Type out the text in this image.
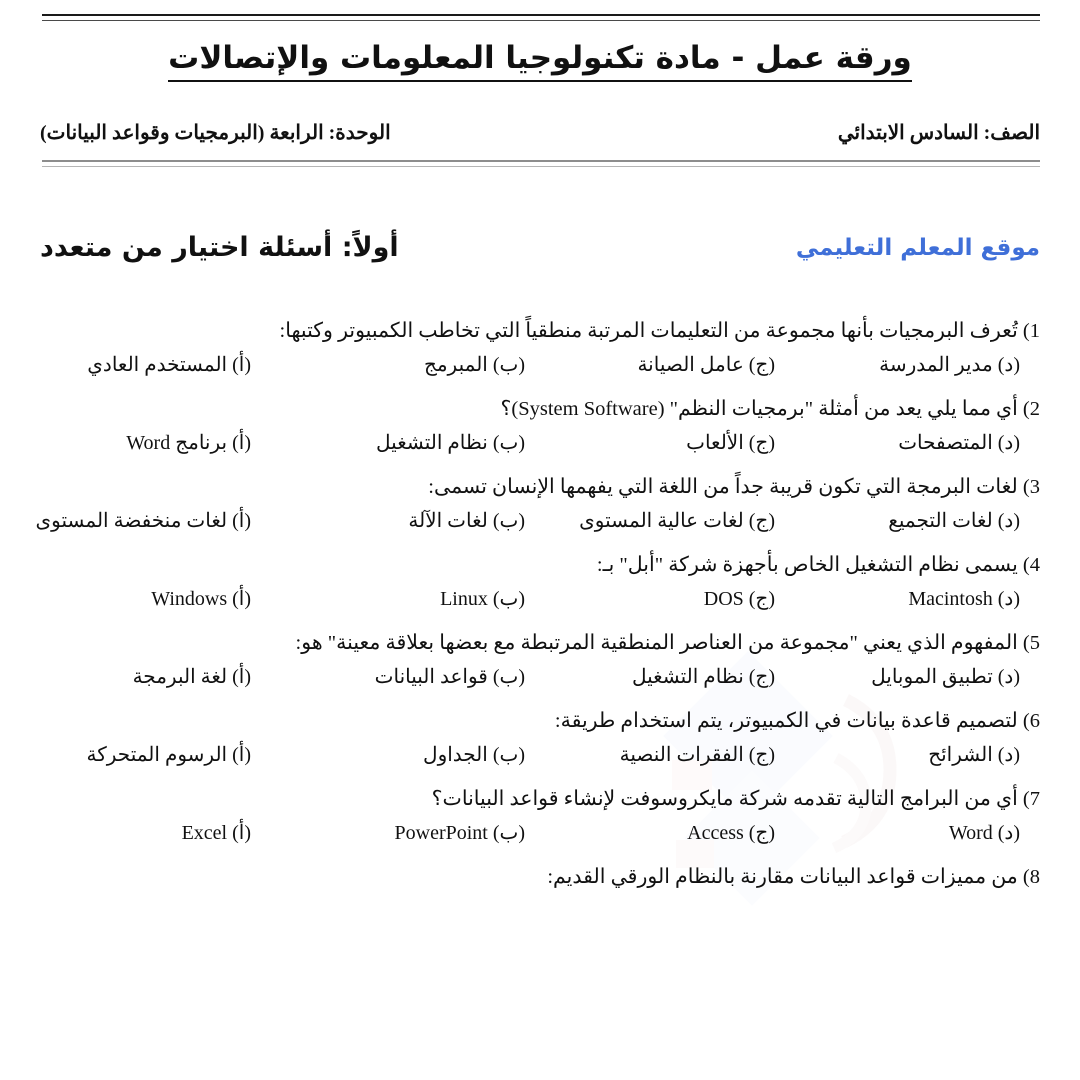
ورقة عمل - مادة تكنولوجيا المعلومات والإتصالات
الوحدة: الرابعة (البرمجيات وقواعد البيانات)	الصف: السادس الابتدائي
أولاً: أسئلة اختيار من متعدد	موقع المعلم التعليمي
1) تُعرف البرمجيات بأنها مجموعة من التعليمات المرتبة منطقياً التي تخاطب الكمبيوتر وكتبها:
(أ) المستخدم العادي	(ب) المبرمج	(ج) عامل الصيانة	(د) مدير المدرسة
2) أي مما يلي يعد من أمثلة "برمجيات النظم" (System Software)؟
(أ) برنامج Word	(ب) نظام التشغيل	(ج) الألعاب	(د) المتصفحات
3) لغات البرمجة التي تكون قريبة جداً من اللغة التي يفهمها الإنسان تسمى:
(أ) لغات منخفضة المستوى	(ب) لغات الآلة	(ج) لغات عالية المستوى	(د) لغات التجميع
4) يسمى نظام التشغيل الخاص بأجهزة شركة "أبل" بـ:
(أ) Windows	(ب) Linux	(ج) DOS	(د) Macintosh
5) المفهوم الذي يعني "مجموعة من العناصر المنطقية المرتبطة مع بعضها بعلاقة معينة" هو:
(أ) لغة البرمجة	(ب) قواعد البيانات	(ج) نظام التشغيل	(د) تطبيق الموبايل
6) لتصميم قاعدة بيانات في الكمبيوتر، يتم استخدام طريقة:
(أ) الرسوم المتحركة	(ب) الجداول	(ج) الفقرات النصية	(د) الشرائح
7) أي من البرامج التالية تقدمه شركة مايكروسوفت لإنشاء قواعد البيانات؟
(أ) Excel	(ب) PowerPoint	(ج) Access	(د) Word
8) من مميزات قواعد البيانات مقارنة بالنظام الورقي القديم:
